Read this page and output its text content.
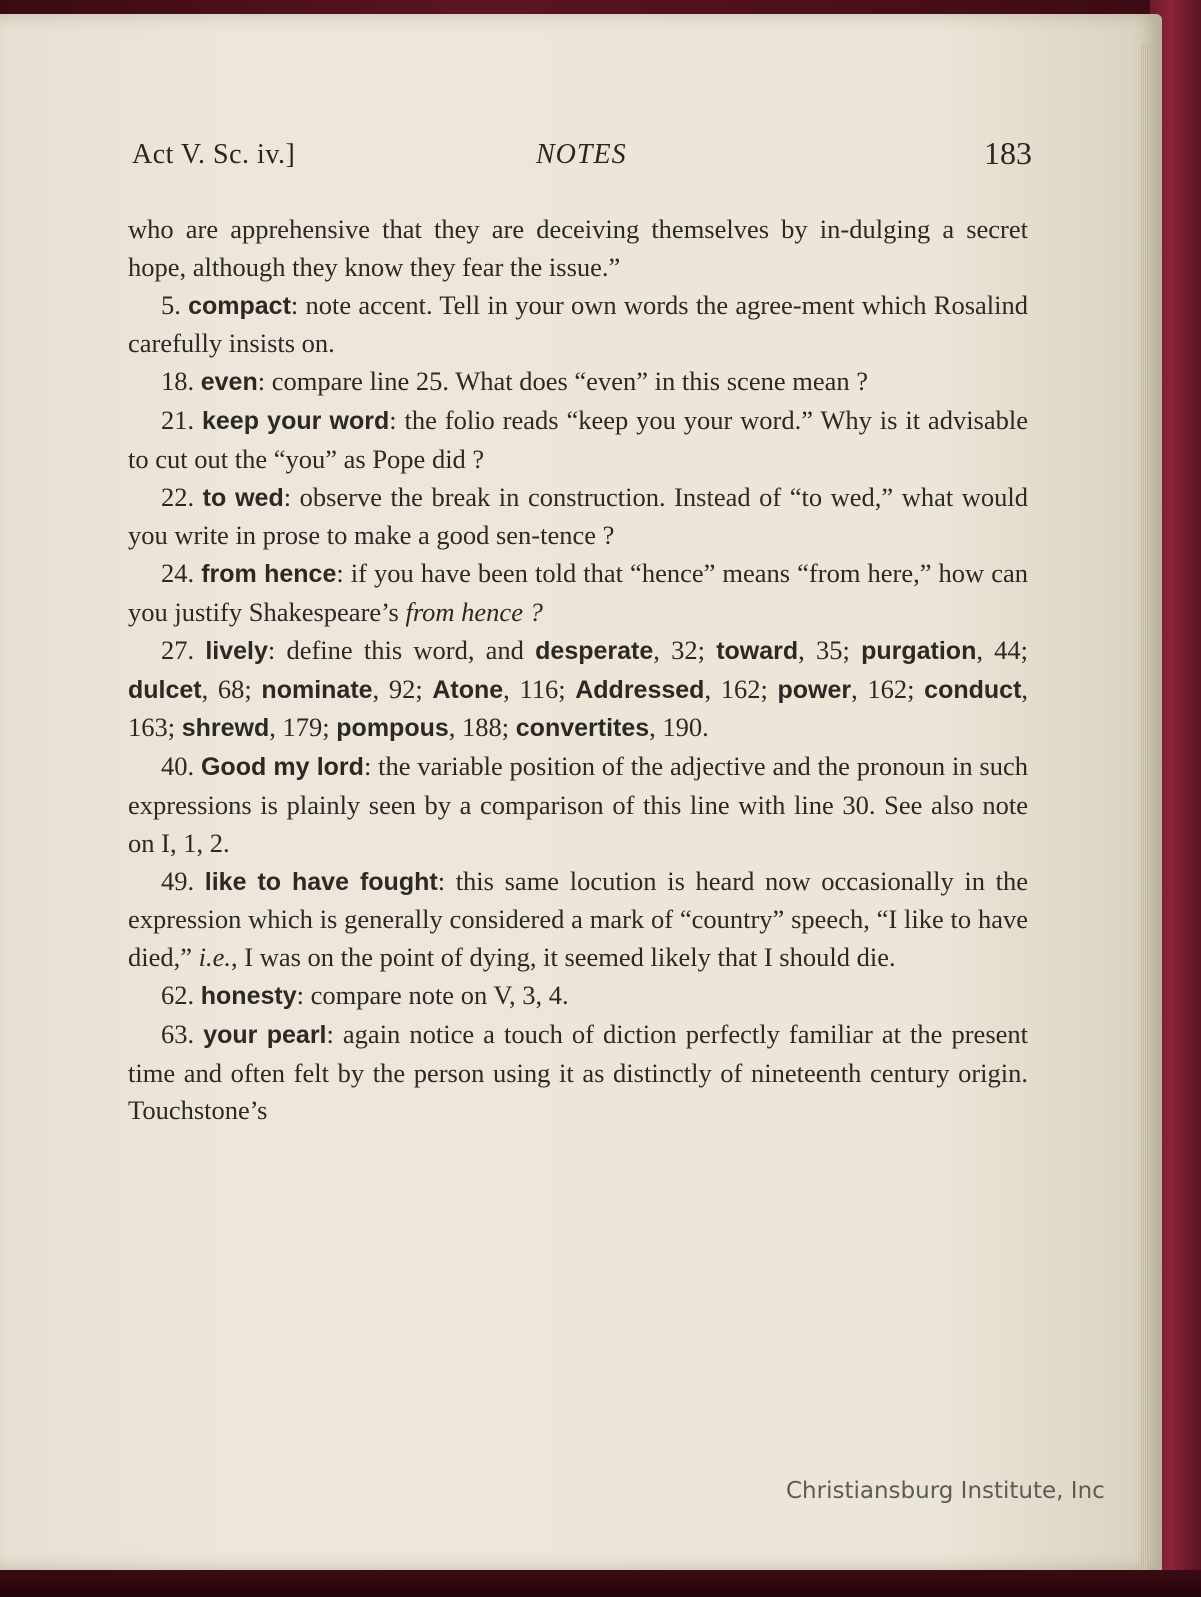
Act V. Sc. iv.]	NOTES	183

who are apprehensive that they are deceiving themselves by in-dulging a secret hope, although they know they fear the issue.”

5. compact: note accent. Tell in your own words the agree-ment which Rosalind carefully insists on.

18. even: compare line 25. What does “even” in this scene mean ?

21. keep your word: the folio reads “keep you your word.” Why is it advisable to cut out the “you” as Pope did ?

22. to wed: observe the break in construction. Instead of “to wed,” what would you write in prose to make a good sen-tence ?

24. from hence: if you have been told that “hence” means “from here,” how can you justify Shakespeare’s from hence ?

27. lively: define this word, and desperate, 32; toward, 35; purgation, 44; dulcet, 68; nominate, 92; Atone, 116; Addressed, 162; power, 162; conduct, 163; shrewd, 179; pompous, 188; convertites, 190.

40. Good my lord: the variable position of the adjective and the pronoun in such expressions is plainly seen by a comparison of this line with line 30. See also note on I, 1, 2.

49. like to have fought: this same locution is heard now occasionally in the expression which is generally considered a mark of “country” speech, “I like to have died,” i.e., I was on the point of dying, it seemed likely that I should die.

62. honesty: compare note on V, 3, 4.

63. your pearl: again notice a touch of diction perfectly familiar at the present time and often felt by the person using it as distinctly of nineteenth century origin. Touchstone’s

Christiansburg Institute, Inc
